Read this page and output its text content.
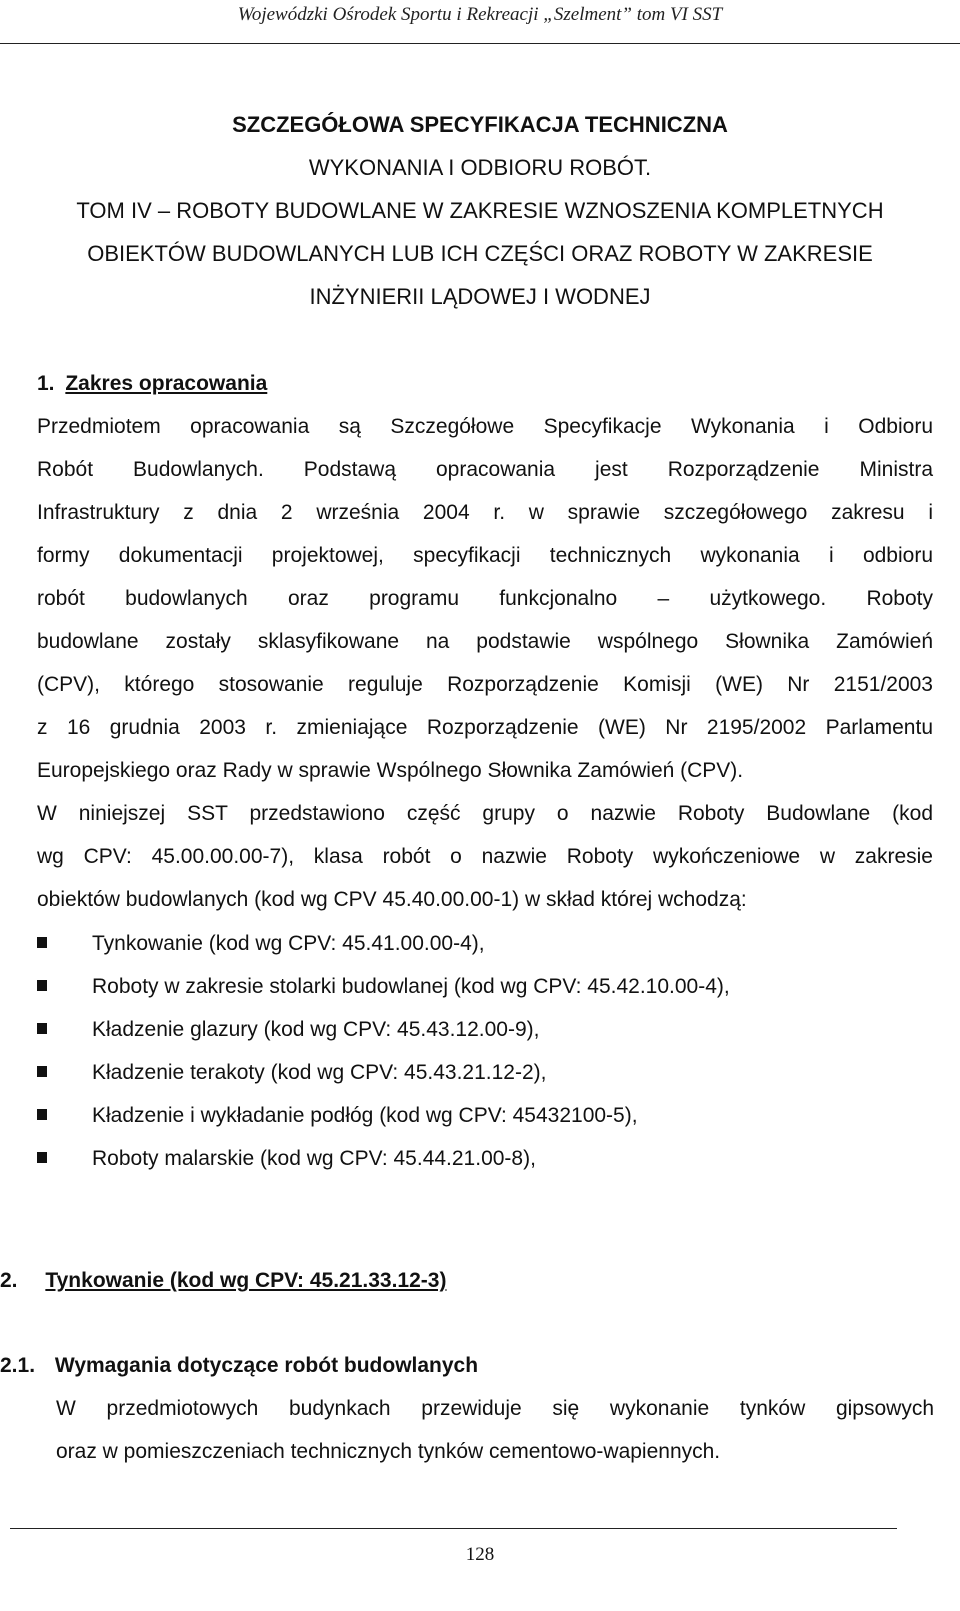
Wojewódzki Ośrodek Sportu i Rekreacji „Szelment” tom VI SST
SZCZEGÓŁOWA SPECYFIKACJA TECHNICZNA
WYKONANIA I ODBIORU ROBÓT.
TOM IV – ROBOTY BUDOWLANE W ZAKRESIE WZNOSZENIA KOMPLETNYCH
OBIEKTÓW BUDOWLANYCH LUB ICH CZĘŚCI ORAZ ROBOTY W ZAKRESIE
INŻYNIERII LĄDOWEJ I WODNEJ
1. Zakres opracowania
Przedmiotem opracowania są Szczegółowe Specyfikacje Wykonania i Odbioru
Robót Budowlanych. Podstawą opracowania jest Rozporządzenie Ministra
Infrastruktury z dnia 2 września 2004 r. w sprawie szczegółowego zakresu i
formy dokumentacji projektowej, specyfikacji technicznych wykonania i odbioru
robót budowlanych oraz programu funkcjonalno – użytkowego. Roboty
budowlane zostały sklasyfikowane na podstawie wspólnego Słownika Zamówień
(CPV), którego stosowanie reguluje Rozporządzenie Komisji (WE) Nr 2151/2003
z 16 grudnia 2003 r. zmieniające Rozporządzenie (WE) Nr 2195/2002 Parlamentu
Europejskiego oraz Rady w sprawie Wspólnego Słownika Zamówień (CPV).
W niniejszej SST przedstawiono część grupy o nazwie Roboty Budowlane (kod
wg CPV: 45.00.00.00-7), klasa robót o nazwie Roboty wykończeniowe w zakresie
obiektów budowlanych (kod wg CPV 45.40.00.00-1) w skład której wchodzą:
Tynkowanie (kod wg CPV: 45.41.00.00-4),
Roboty w zakresie stolarki budowlanej (kod wg CPV: 45.42.10.00-4),
Kładzenie glazury (kod wg CPV: 45.43.12.00-9),
Kładzenie terakoty (kod wg CPV: 45.43.21.12-2),
Kładzenie i wykładanie podłóg (kod wg CPV: 45432100-5),
Roboty malarskie (kod wg CPV: 45.44.21.00-8),
2. Tynkowanie (kod wg CPV: 45.21.33.12-3)
2.1. Wymagania dotyczące robót budowlanych
W przedmiotowych budynkach przewiduje się wykonanie tynków gipsowych
oraz w pomieszczeniach technicznych tynków cementowo-wapiennych.
128
